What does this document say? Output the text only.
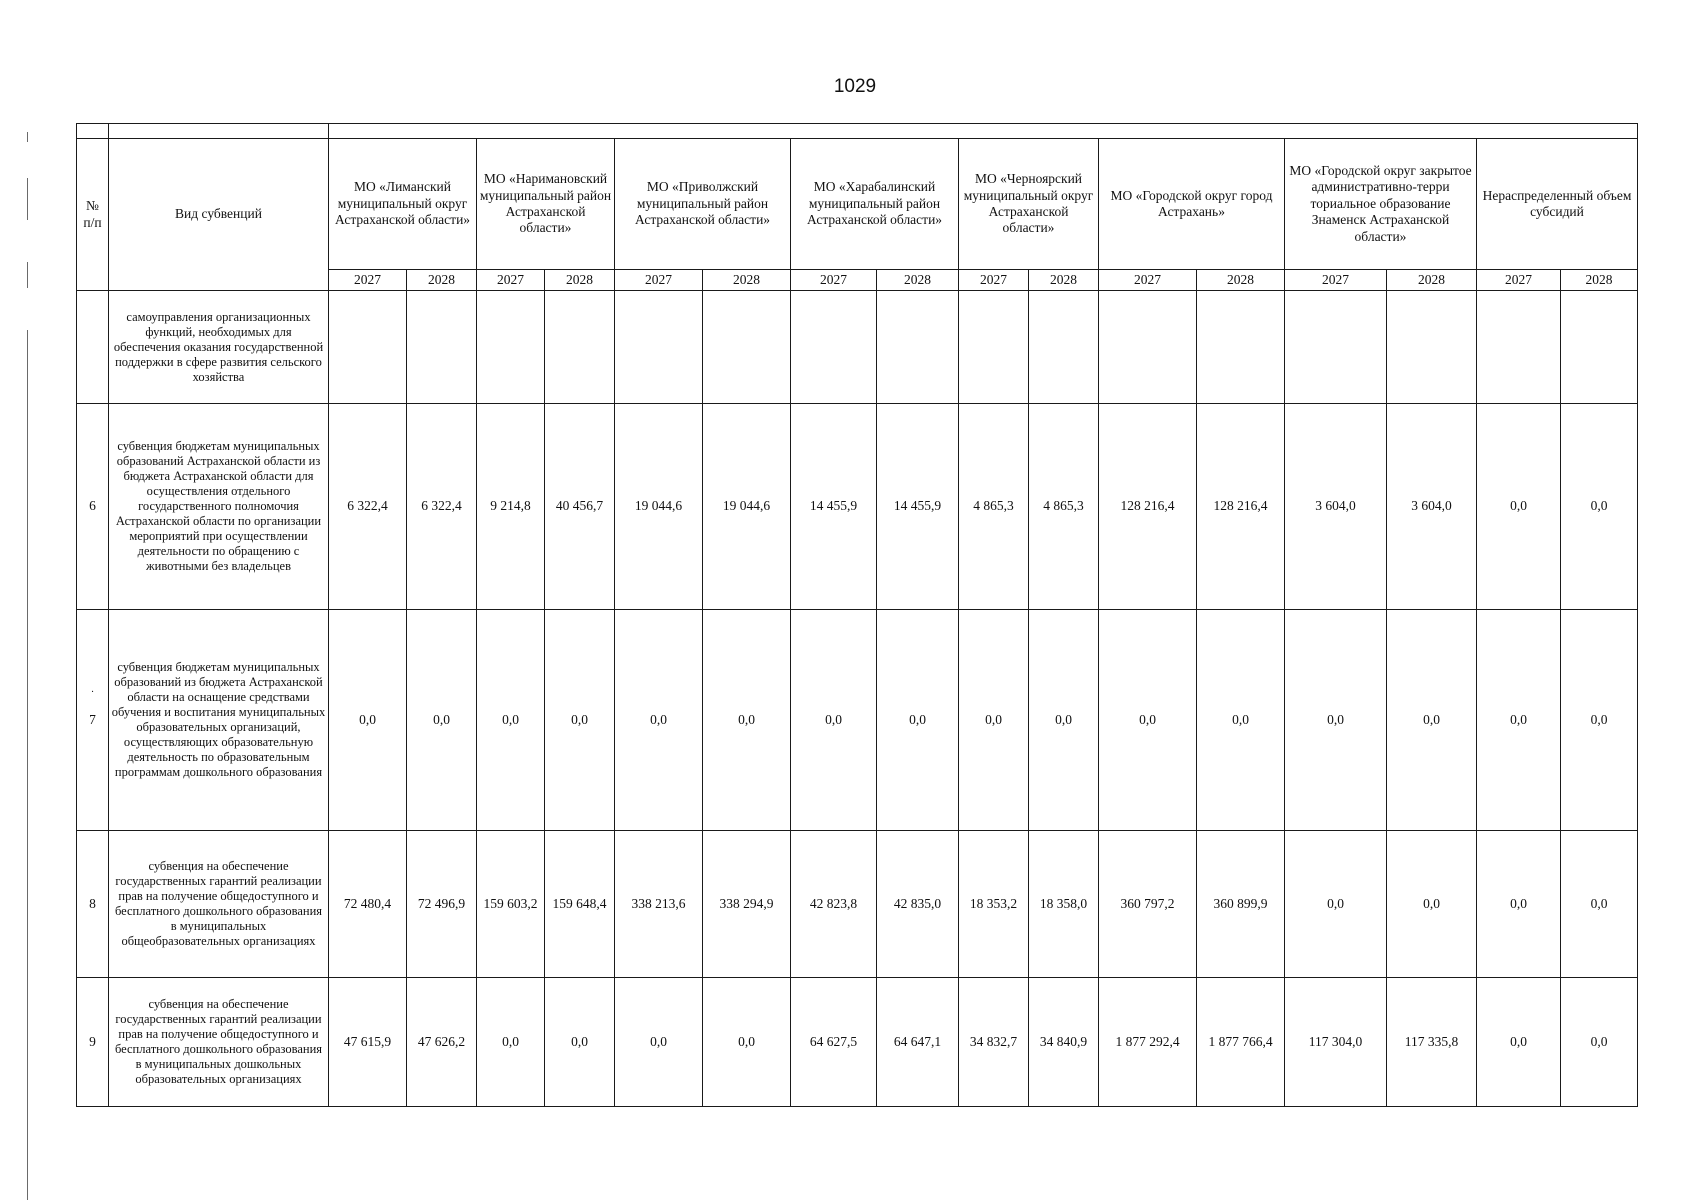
1029

№ п/п	Вид субвенций	МО «Лиманский муниципальный округ Астраханской области»		МО «Наримановский муниципальный район Астраханской области»		МО «Приволжский муниципальный район Астраханской области»		МО «Харабалинский муниципальный район Астраханской области»		МО «Черноярский муниципальный округ Астраханской области»		МО «Городской округ город Астрахань»		МО «Городской округ закрытое административно-терри ториальное образование Знаменск Астраханской области»		Нераспределенный объем субсидий	
		2027	2028	2027	2028	2027	2028	2027	2028	2027	2028	2027	2028	2027	2028	2027	2028
	самоуправления организационных функций, необходимых для обеспечения оказания государственной поддержки в сфере развития сельского хозяйства																
6	субвенция бюджетам муниципальных образований Астраханской области из бюджета Астраханской области для осуществления отдельного государственного полномочия Астраханской области по организации мероприятий при осуществлении деятельности по обращению с животными без владельцев	6 322,4	6 322,4	9 214,8	40 456,7	19 044,6	19 044,6	14 455,9	14 455,9	4 865,3	4 865,3	128 216,4	128 216,4	3 604,0	3 604,0	0,0	0,0

·
7	субвенция бюджетам муниципальных образований из бюджета Астраханской области на оснащение средствами обучения и воспитания муниципальных образовательных организаций, осуществляющих образовательную деятельность по образовательным программам дошкольного образования	0,0	0,0	0,0	0,0	0,0	0,0	0,0	0,0	0,0	0,0	0,0	0,0	0,0	0,0	0,0	0,0
8	субвенция на обеспечение государственных гарантий реализации прав на получение общедоступного и бесплатного дошкольного образования в муниципальных общеобразовательных организациях	72 480,4	72 496,9	159 603,2	159 648,4	338 213,6	338 294,9	42 823,8	42 835,0	18 353,2	18 358,0	360 797,2	360 899,9	0,0	0,0	0,0	0,0
9	субвенция на обеспечение государственных гарантий реализации прав на получение общедоступного и бесплатного дошкольного образования в муниципальных дошкольных образовательных организациях	47 615,9	47 626,2	0,0	0,0	0,0	0,0	64 627,5	64 647,1	34 832,7	34 840,9	1 877 292,4	1 877 766,4	117 304,0	117 335,8	0,0	0,0
